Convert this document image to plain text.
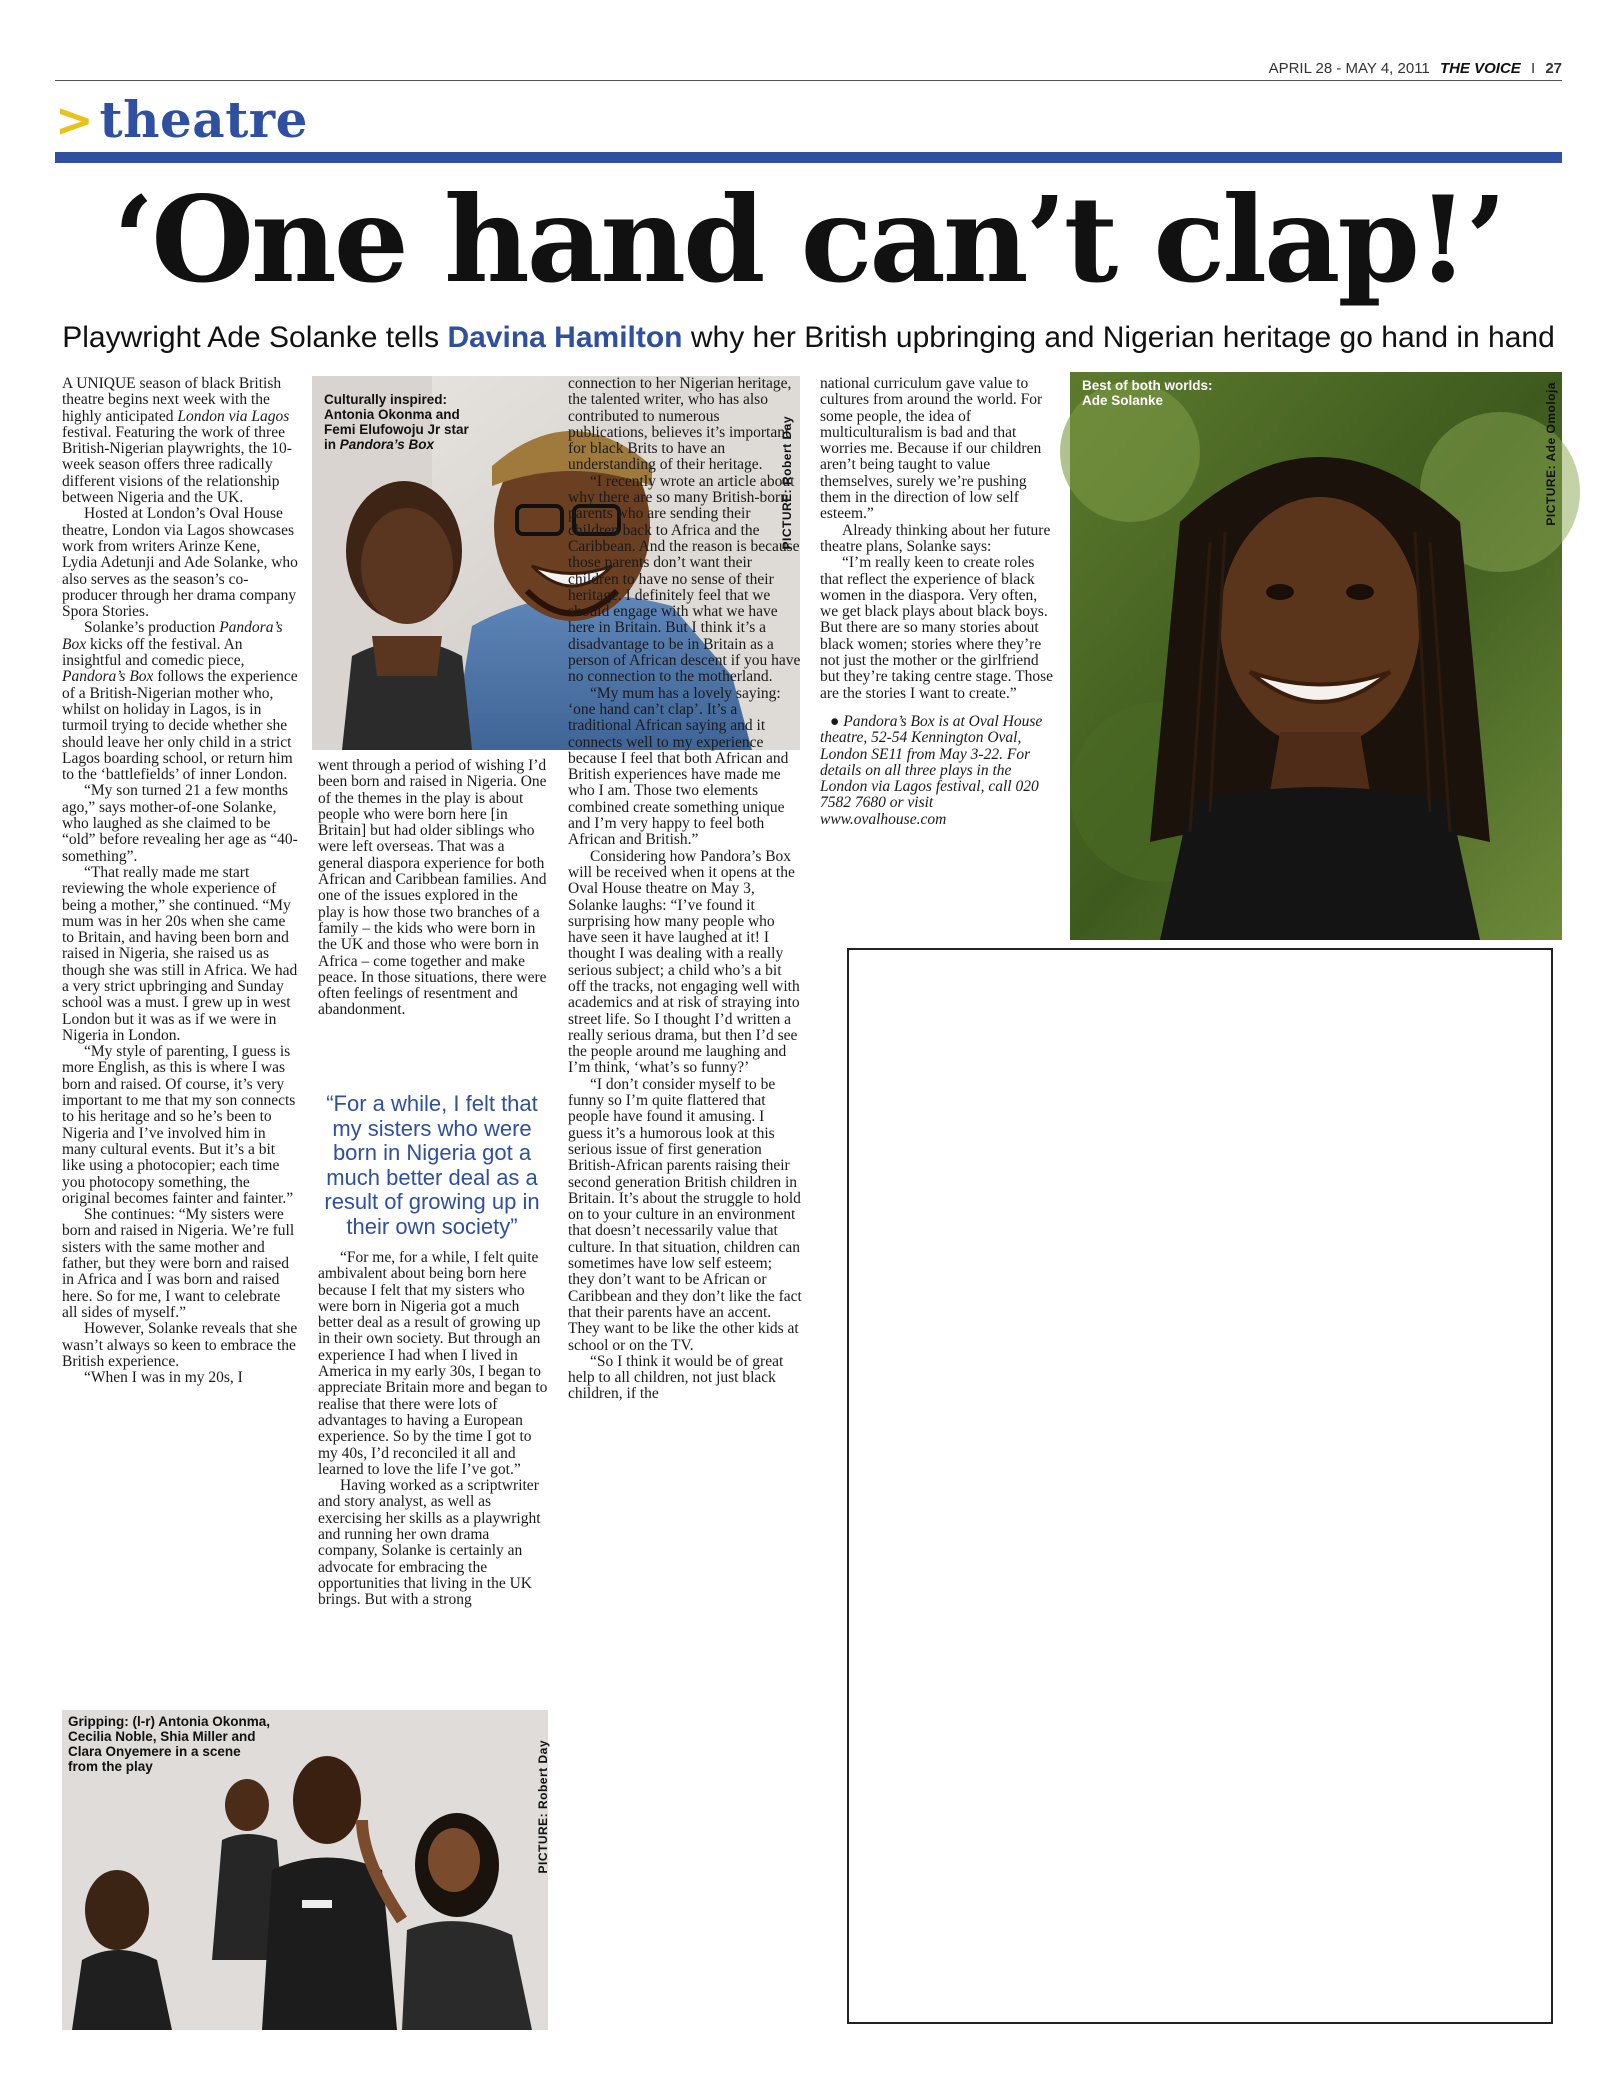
APRIL 28 - MAY 4, 2011 THE VOICE I 27
> theatre
‘One hand can’t clap!’
Playwright Ade Solanke tells Davina Hamilton why her British upbringing and Nigerian heritage go hand in hand

A UNIQUE season of black British theatre begins next week with the highly anticipated London via Lagos festival. Featuring the work of three British-Nigerian playwrights, the 10-week season offers three radically different visions of the relationship between Nigeria and the UK.

Hosted at London’s Oval House theatre, London via Lagos showcases work from writers Arinze Kene, Lydia Adetunji and Ade Solanke, who also serves as the season’s co-producer through her drama company Spora Stories.

Solanke’s production Pandora’s Box kicks off the festival. An insightful and comedic piece, Pandora’s Box follows the experience of a British-Nigerian mother who, whilst on holiday in Lagos, is in turmoil trying to decide whether she should leave her only child in a strict Lagos boarding school, or return him to the ‘battlefields’ of inner London.

“My son turned 21 a few months ago,” says mother-of-one Solanke, who laughed as she claimed to be “old” before revealing her age as “40-something”.

“That really made me start reviewing the whole experience of being a mother,” she continued. “My mum was in her 20s when she came to Britain, and having been born and raised in Nigeria, she raised us as though she was still in Africa. We had a very strict upbringing and Sunday school was a must. I grew up in west London but it was as if we were in Nigeria in London.

“My style of parenting, I guess is more English, as this is where I was born and raised. Of course, it’s very important to me that my son connects to his heritage and so he’s been to Nigeria and I’ve involved him in many cultural events. But it’s a bit like using a photocopier; each time you photocopy something, the original becomes fainter and fainter.”

She continues: “My sisters were born and raised in Nigeria. We’re full sisters with the same mother and father, but they were born and raised in Africa and I was born and raised here. So for me, I want to celebrate all sides of myself.”

However, Solanke reveals that she wasn’t always so keen to embrace the British experience.

“When I was in my 20s, I

Culturally inspired:
Antonia Okonma and
Femi Elufowoju Jr star
in Pandora’s Box	PICTURE: Robert Day

went through a period of wishing I’d been born and raised in Nigeria. One of the themes in the play is about people who were born here [in Britain] but had older siblings who were left overseas. That was a general diaspora experience for both African and Caribbean families. And one of the issues explored in the play is how those two branches of a family – the kids who were born in the UK and those who were born in Africa – come together and make peace. In those situations, there were often feelings of resentment and abandonment.

“For a while, I felt that my sisters who were born in Nigeria got a much better deal as a result of growing up in their own society”

“For me, for a while, I felt quite ambivalent about being born here because I felt that my sisters who were born in Nigeria got a much better deal as a result of growing up in their own society. But through an experience I had when I lived in America in my early 30s, I began to appreciate Britain more and began to realise that there were lots of advantages to having a European experience. So by the time I got to my 40s, I’d reconciled it all and learned to love the life I’ve got.”

Having worked as a scriptwriter and story analyst, as well as exercising her skills as a playwright and running her own drama company, Solanke is certainly an advocate for embracing the opportunities that living in the UK brings. But with a strong

Gripping: (l-r) Antonia Okonma,
Cecilia Noble, Shia Miller and
Clara Onyemere in a scene
from the play	PICTURE: Robert Day

connection to her Nigerian heritage, the talented writer, who has also contributed to numerous publications, believes it’s important for black Brits to have an understanding of their heritage.

“I recently wrote an article about why there are so many British-born parents who are sending their children back to Africa and the Caribbean. And the reason is because those parents don’t want their children to have no sense of their heritage. I definitely feel that we should engage with what we have here in Britain. But I think it’s a disadvantage to be in Britain as a person of African descent if you have no connection to the motherland.

“My mum has a lovely saying: ‘one hand can’t clap’. It’s a traditional African saying and it connects well to my experience because I feel that both African and British experiences have made me who I am. Those two elements combined create something unique and I’m very happy to feel both African and British.”

Considering how Pandora’s Box will be received when it opens at the Oval House theatre on May 3, Solanke laughs: “I’ve found it surprising how many people who have seen it have laughed at it! I thought I was dealing with a really serious subject; a child who’s a bit off the tracks, not engaging well with academics and at risk of straying into street life. So I thought I’d written a really serious drama, but then I’d see the people around me laughing and I’m think, ‘what’s so funny?’

“I don’t consider myself to be funny so I’m quite flattered that people have found it amusing. I guess it’s a humorous look at this serious issue of first generation British-African parents raising their second generation British children in Britain. It’s about the struggle to hold on to your culture in an environment that doesn’t necessarily value that culture. In that situation, children can sometimes have low self esteem; they don’t want to be African or Caribbean and they don’t like the fact that their parents have an accent. They want to be like the other kids at school or on the TV.

“So I think it would be of great help to all children, not just black children, if the

national curriculum gave value to cultures from around the world. For some people, the idea of multiculturalism is bad and that worries me. Because if our children aren’t being taught to value themselves, surely we’re pushing them in the direction of low self esteem.”

Already thinking about her future theatre plans, Solanke says:

“I’m really keen to create roles that reflect the experience of black women in the diaspora. Very often, we get black plays about black boys. But there are so many stories about black women; stories where they’re not just the mother or the girlfriend but they’re taking centre stage. Those are the stories I want to create.”

● Pandora’s Box is at Oval House theatre, 52-54 Kennington Oval, London SE11 from May 3-22. For details on all three plays in the London via Lagos festival, call 020 7582 7680 or visit www.ovalhouse.com

Best of both worlds:
Ade Solanke	PICTURE: Ade Omoloja
